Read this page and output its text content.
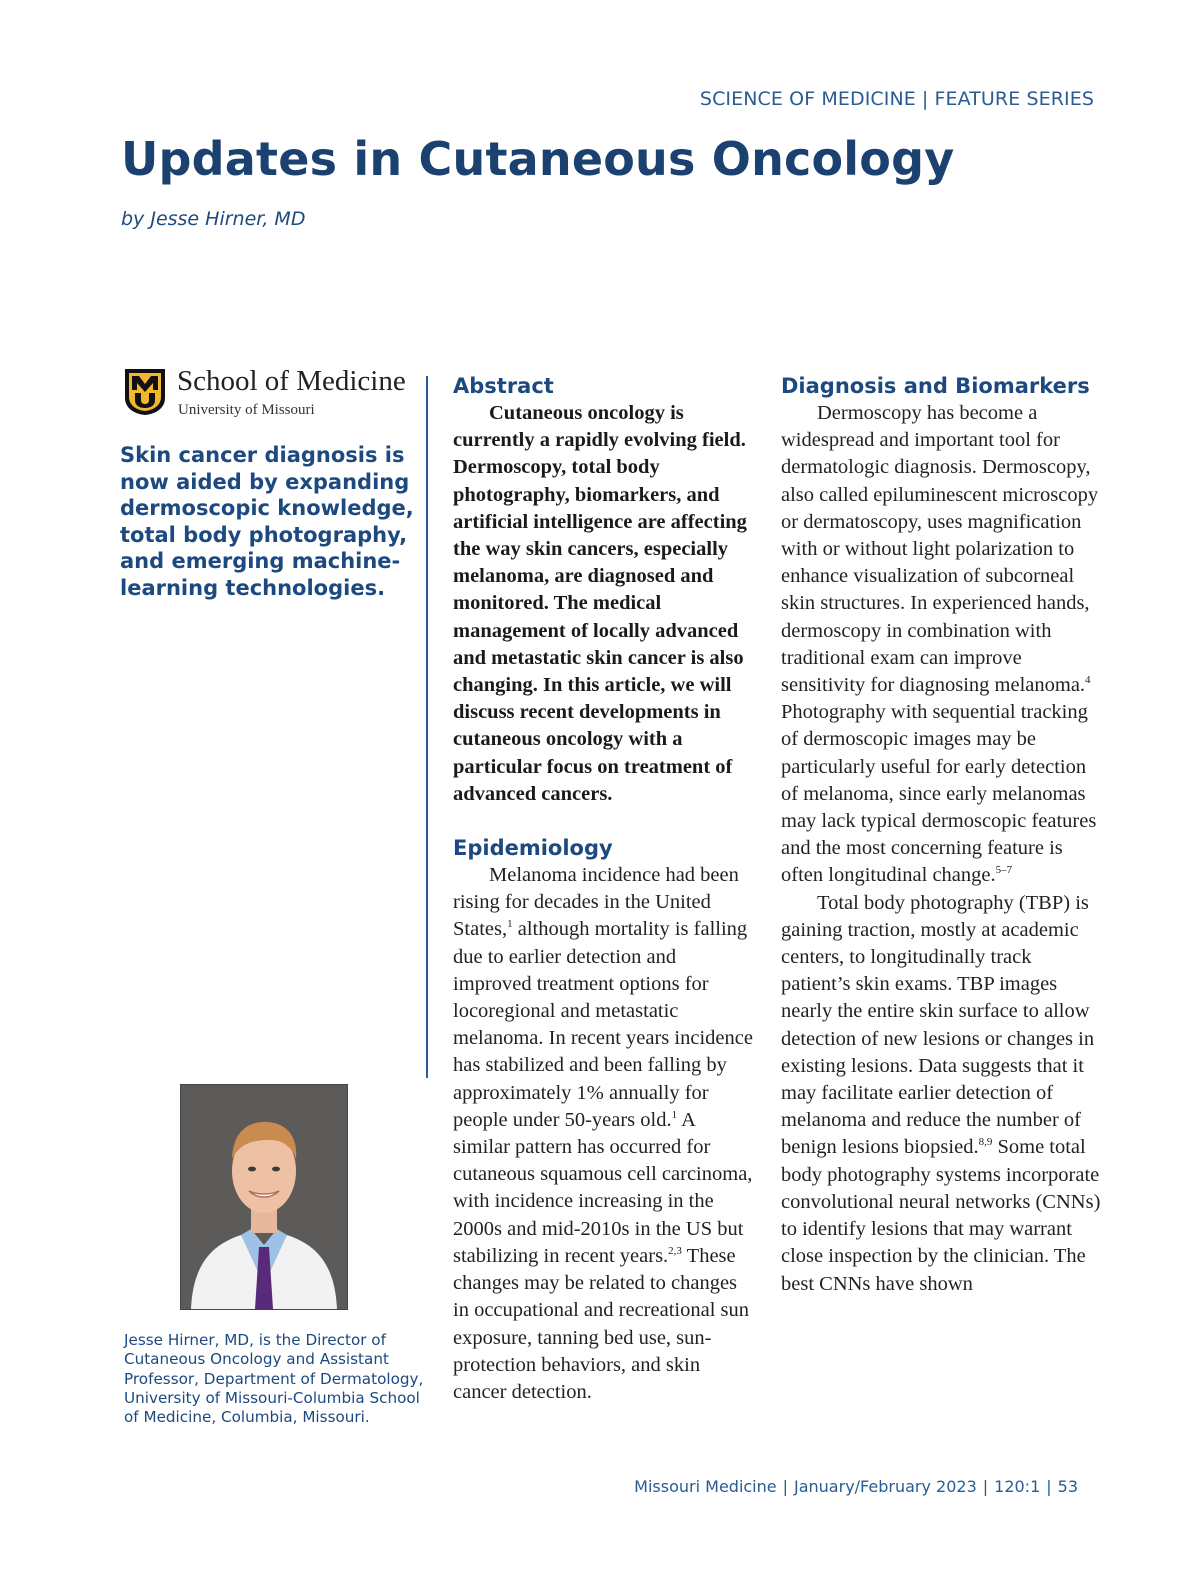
SCIENCE OF MEDICINE | FEATURE SERIES
Updates in Cutaneous Oncology
by Jesse Hirner, MD
School of Medicine
University of Missouri

Skin cancer diagnosis is now aided by expanding dermoscopic knowledge, total body photography, and emerging machine-learning technologies.

Jesse Hirner, MD, is the Director of Cutaneous Oncology and Assistant Professor, Department of Dermatology, University of Missouri-Columbia School of Medicine, Columbia, Missouri.

Abstract

Cutaneous oncology is currently a rapidly evolving field. Dermoscopy, total body photography, biomarkers, and artificial intelligence are affecting the way skin cancers, especially melanoma, are diagnosed and monitored. The medical management of locally advanced and metastatic skin cancer is also changing. In this article, we will discuss recent developments in cutaneous oncology with a particular focus on treatment of advanced cancers.

Epidemiology

Melanoma incidence had been rising for decades in the United States,$^1$ although mortality is falling due to earlier detection and improved treatment options for locoregional and metastatic melanoma. In recent years incidence has stabilized and been falling by approximately 1% annually for people under 50-years old.$^1$ A similar pattern has occurred for cutaneous squamous cell carcinoma, with incidence increasing in the 2000s and mid-2010s in the US but stabilizing in recent years.$^{2,3}$ These changes may be related to changes in occupational and recreational sun exposure, tanning bed use, sun-protection behaviors, and skin cancer detection.

Diagnosis and Biomarkers

Dermoscopy has become a widespread and important tool for dermatologic diagnosis. Dermoscopy, also called epiluminescent microscopy or dermatoscopy, uses magnification with or without light polarization to enhance visualization of subcorneal skin structures. In experienced hands, dermoscopy in combination with traditional exam can improve sensitivity for diagnosing melanoma.$^4$ Photography with sequential tracking of dermoscopic images may be particularly useful for early detection of melanoma, since early melanomas may lack typical dermoscopic features and the most concerning feature is often longitudinal change.$^{5-7}$

Total body photography (TBP) is gaining traction, mostly at academic centers, to longitudinally track patient’s skin exams. TBP images nearly the entire skin surface to allow detection of new lesions or changes in existing lesions. Data suggests that it may facilitate earlier detection of melanoma and reduce the number of benign lesions biopsied.$^{8,9}$ Some total body photography systems incorporate convolutional neural networks (CNNs) to identify lesions that may warrant close inspection by the clinician. The best CNNs have shown

Missouri Medicine | January/February 2023 | 120:1 | 53
